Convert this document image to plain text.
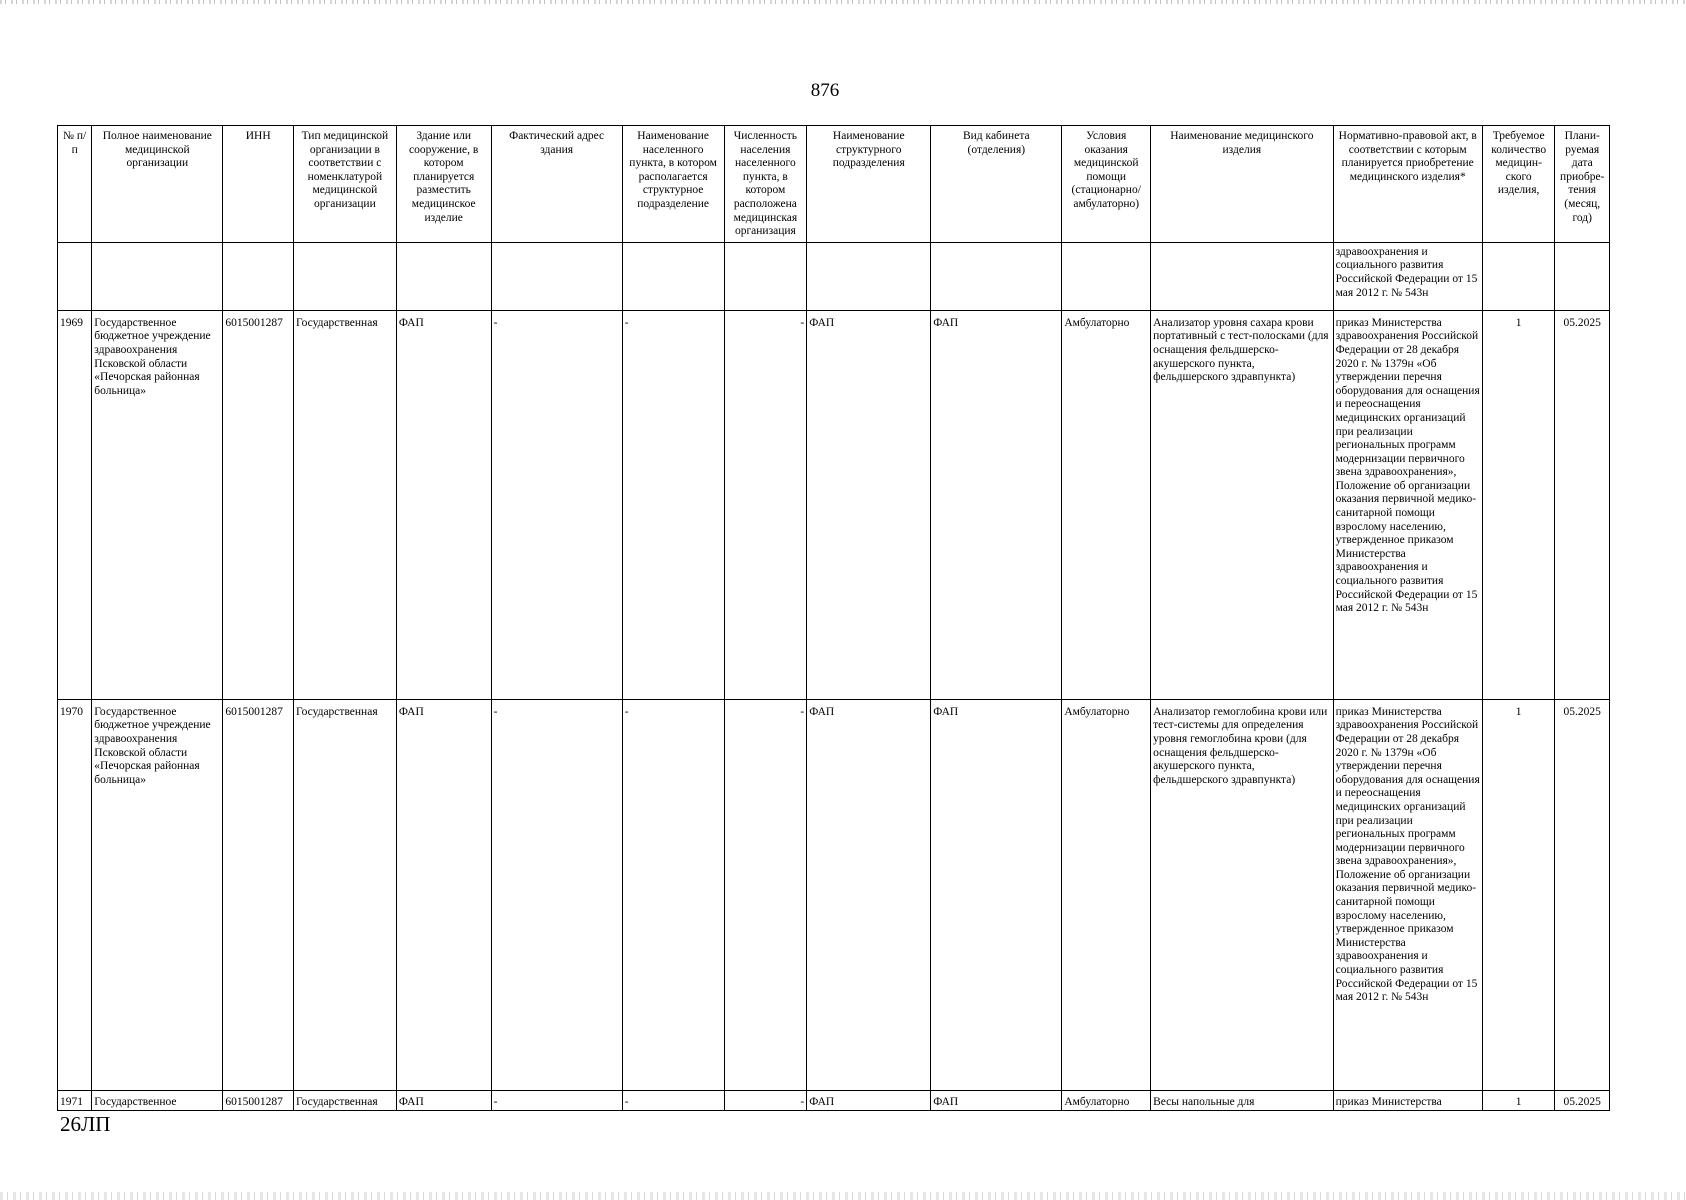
876
№ п/п	Полное наименование медицинской организации	ИНН	Тип медицинской организации в соответствии с номенклатурой медицинской организации	Здание или сооружение, в котором планируется разместить медицинское изделие	Фактический адрес здания	Наименование населенного пункта, в котором располагается структурное подразделение	Численность населения населенного пункта, в котором расположена медицинская организация	Наименование структурного подразделения	Вид кабинета (отделения)	Условия оказания медицинской помощи (стационарно/ амбулаторно)	Наименование медицинского изделия	Нормативно-правовой акт, в соответствии с которым планируется приобретение медицинского изделия*	Требуемое количество медицин-ского изделия,	Плани-руемая дата приобре-тения (месяц, год)
												здравоохранения и социального развития Российской Федерации от 15 мая 2012 г. № 543н		
1969	Государственное бюджетное учреждение здравоохранения Псковской области «Печорская районная больница»	6015001287	Государственная	ФАП	-	-	-	ФАП	ФАП	Амбулаторно	Анализатор уровня сахара крови портативный с тест-полосками (для оснащения фельдшерско-акушерского пункта, фельдшерского здравпункта)	приказ Министерства здравоохранения Российской Федерации от 28 декабря 2020 г. № 1379н «Об утверждении перечня оборудования для оснащения и переоснащения медицинских организаций при реализации региональных программ модернизации первичного звена здравоохранения», Положение об организации оказания первичной медико-санитарной помощи взрослому населению, утвержденное приказом Министерства здравоохранения и социального развития Российской Федерации от 15 мая 2012 г. № 543н	1	05.2025
1970	Государственное бюджетное учреждение здравоохранения Псковской области «Печорская районная больница»	6015001287	Государственная	ФАП	-	-	-	ФАП	ФАП	Амбулаторно	Анализатор гемоглобина крови или тест-системы для определения уровня гемоглобина крови (для оснащения фельдшерско-акушерского пункта, фельдшерского здравпункта)	приказ Министерства здравоохранения Российской Федерации от 28 декабря 2020 г. № 1379н «Об утверждении перечня оборудования для оснащения и переоснащения медицинских организаций при реализации региональных программ модернизации первичного звена здравоохранения», Положение об организации оказания первичной медико-санитарной помощи взрослому населению, утвержденное приказом Министерства здравоохранения и социального развития Российской Федерации от 15 мая 2012 г. № 543н	1	05.2025
1971	Государственное	6015001287	Государственная	ФАП	-	-	-	ФАП	ФАП	Амбулаторно	Весы напольные для	приказ Министерства	1	05.2025
26ЛП
